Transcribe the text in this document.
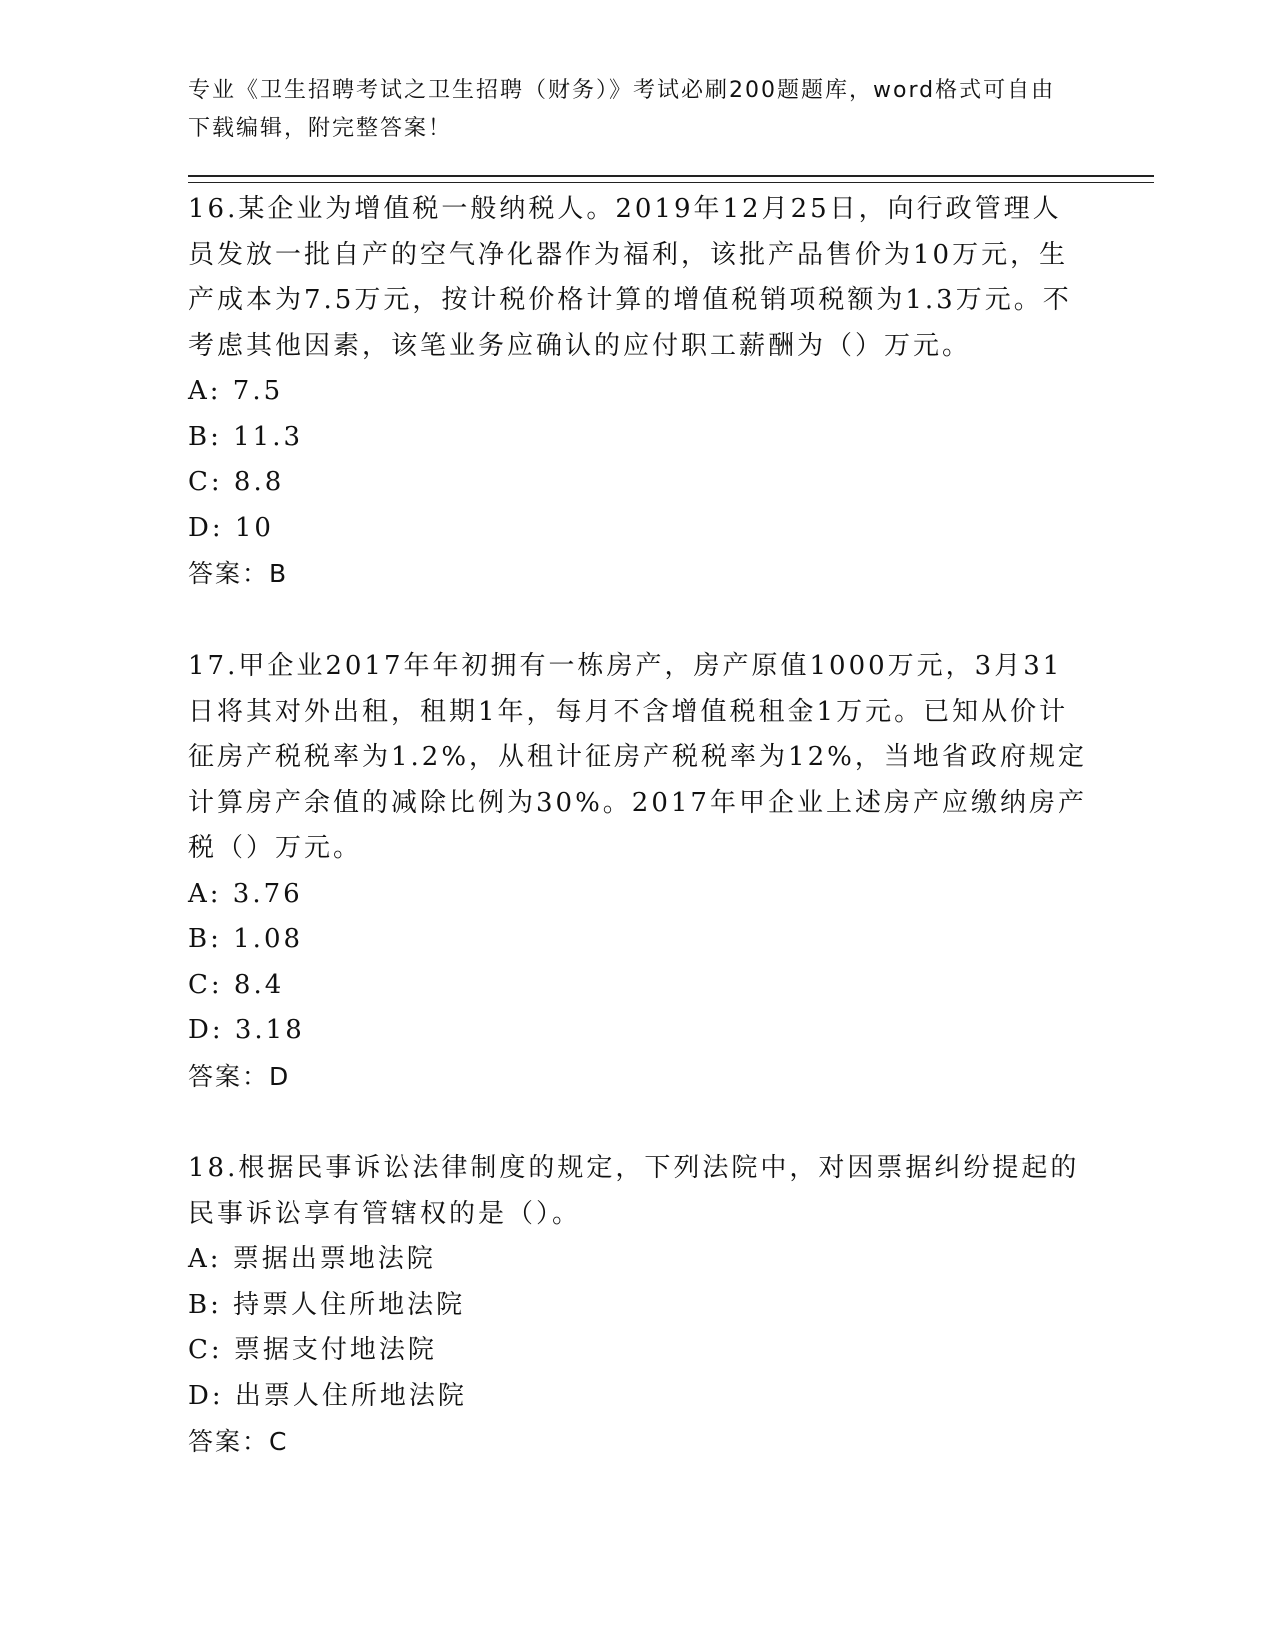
专业《卫生招聘考试之卫生招聘（财务）》考试必刷200题题库，word格式可自由下载编辑，附完整答案！

16.某企业为增值税一般纳税人。2019年12月25日，向行政管理人员发放一批自产的空气净化器作为福利，该批产品售价为10万元，生产成本为7.5万元，按计税价格计算的增值税销项税额为1.3万元。不考虑其他因素，该笔业务应确认的应付职工薪酬为（）万元。

A: 7.5

B: 11.3

C: 8.8

D: 10

答案：B

17.甲企业2017年年初拥有一栋房产，房产原值1000万元，3月31日将其对外出租，租期1年，每月不含增值税租金1万元。已知从价计征房产税税率为1.2%，从租计征房产税税率为12%，当地省政府规定计算房产余值的减除比例为30%。2017年甲企业上述房产应缴纳房产税（）万元。

A: 3.76

B: 1.08

C: 8.4

D: 3.18

答案：D

18.根据民事诉讼法律制度的规定，下列法院中，对因票据纠纷提起的民事诉讼享有管辖权的是（）。

A: 票据出票地法院

B: 持票人住所地法院

C: 票据支付地法院

D: 出票人住所地法院

答案：C
